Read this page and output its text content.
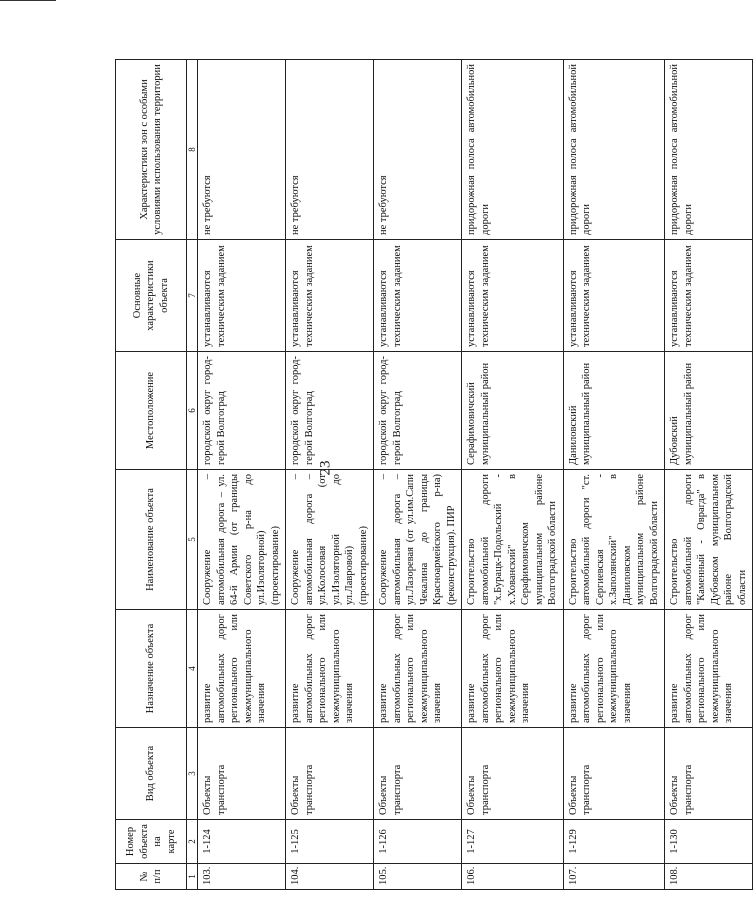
23
№ п/п	Номер объекта на карте	Вид объекта	Назначение объекта	Наименование объекта	Местоположение	Основные характеристики объекта	Характеристики зон с особыми условиями использования территории
1	2	3	4	5	6	7	8
103.	1-124	Объекты транспорта	развитие автомобильных дорог регионального или межмуниципального значения	Сооружение – автомобильная дорога – ул. 64-й Армии (от границы Советского р-на до ул.Изоляторной) (проектирование)	городской округ город-герой Волгоград	устанавливаются техническим заданием	не требуются
104.	1-125	Объекты транспорта	развитие автомобильных дорог регионального или межмуниципального значения	Сооружение – автомобильная дорога – ул.Колосовая (от ул.Изоляторной до ул.Лавровой) (проектирование)	городской округ город-герой Волгоград	устанавливаются техническим заданием	не требуются
105.	1-126	Объекты транспорта	развитие автомобильных дорог регионального или межмуниципального значения	Сооружение – автомобильная дорога – ул.Лазоревая (от ул.им.Сапи Чекалина до границы Красноармейского р-на) (реконструкция). ПИР	городской округ город-герой Волгоград	устанавливаются техническим заданием	не требуются
106.	1-127	Объекты транспорта	развитие автомобильных дорог регионального или межмуниципального значения	Строительство автомобильной дороги "х.Бурацк-Подольский - х.Хованский" в Серафимовичском муниципальном районе Волгоградской области	Серафимовичский муниципальный район	устанавливаются техническим заданием	придорожная полоса автомобильной дороги
107.	1-129	Объекты транспорта	развитие автомобильных дорог регионального или межмуниципального значения	Строительство автомобильной дороги "ст. Сергиевская - х.Заполянский" в Даниловском муниципальном районе Волгоградской области	Даниловский муниципальный район	устанавливаются техническим заданием	придорожная полоса автомобильной дороги
108.	1-130	Объекты транспорта	развитие автомобильных дорог регионального или межмуниципального значения	Строительство автомобильной дороги "Каменный - Оврагда" в Дубовском муниципальном районе Волгоградской области	Дубовский муниципальный район	устанавливаются техническим заданием	придорожная полоса автомобильной дороги
